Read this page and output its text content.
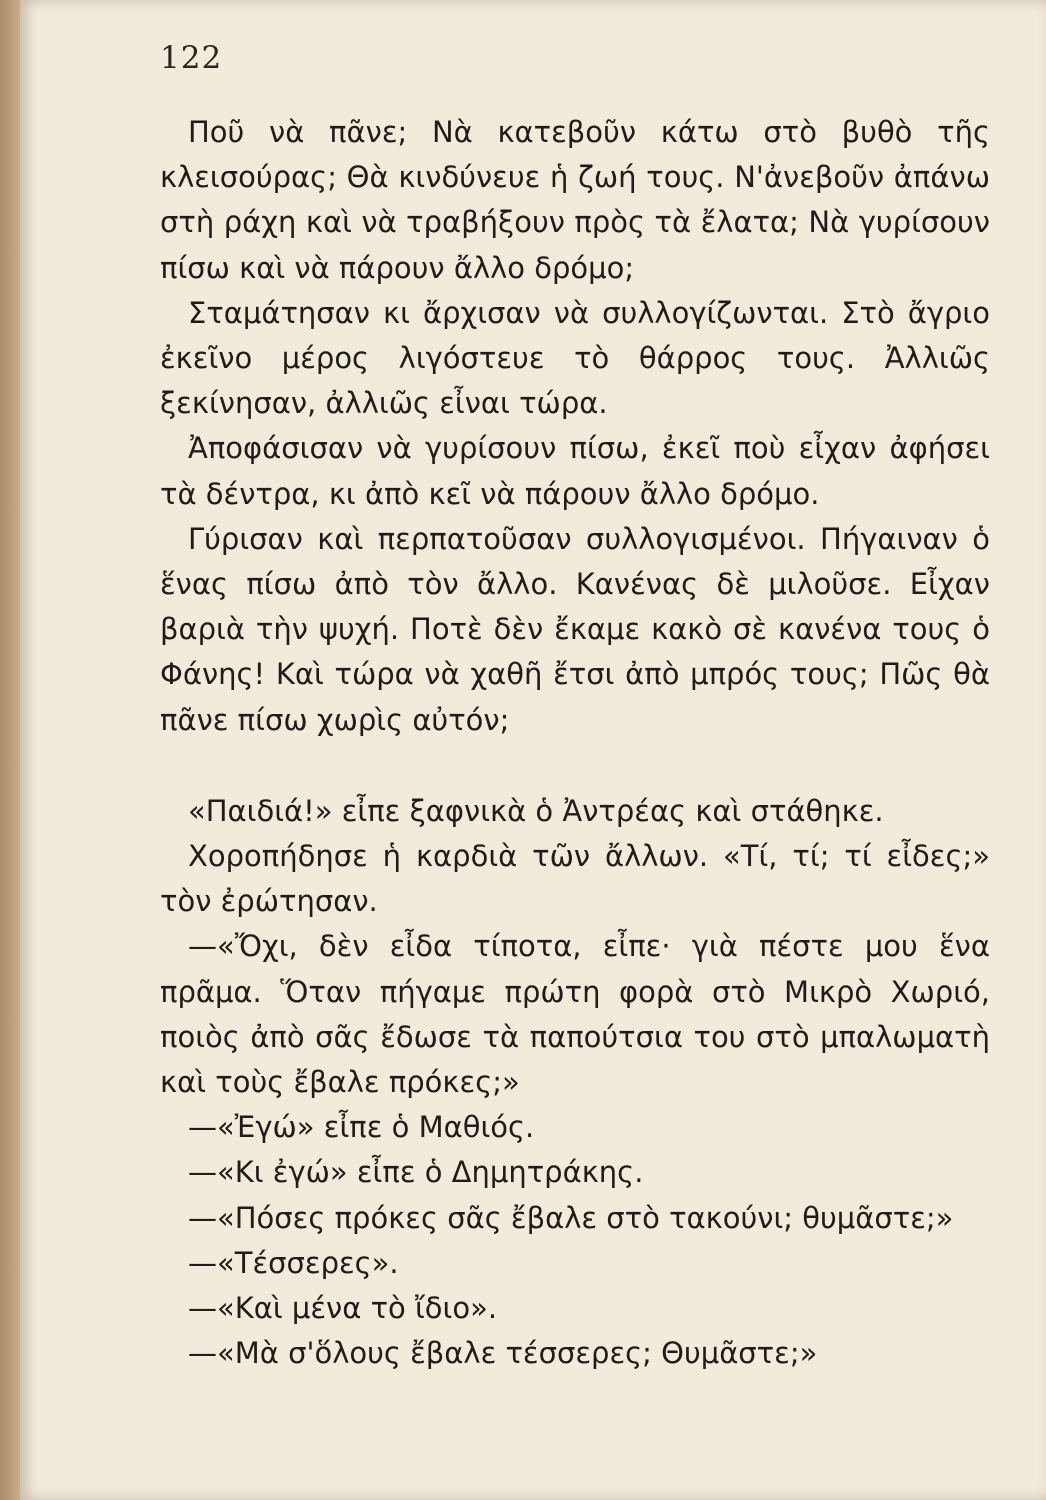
122
Ποῦ νὰ πᾶνε; Νὰ κατεβοῦν κάτω στὸ βυθὸ τῆς κλεισούρας; Θὰ κινδύνευε ἡ ζωή τους. Ν'ἀνεβοῦν ἀπάνω στὴ ράχη καὶ νὰ τραβήξουν πρὸς τὰ ἔλατα; Νὰ γυρίσουν πίσω καὶ νὰ πάρουν ἄλλο δρόμο;
Σταμάτησαν κι ἄρχισαν νὰ συλλογίζωνται. Στὸ ἄγριο ἐκεῖνο μέρος λιγόστευε τὸ θάρρος τους. Ἀλλιῶς ξεκίνησαν, ἀλλιῶς εἶναι τώρα.
Ἀποφάσισαν νὰ γυρίσουν πίσω, ἐκεῖ ποὺ εἶχαν ἀφήσει τὰ δέντρα, κι ἀπὸ κεῖ νὰ πάρουν ἄλλο δρόμο.
Γύρισαν καὶ περπατοῦσαν συλλογισμένοι. Πήγαιναν ὁ ἕνας πίσω ἀπὸ τὸν ἄλλο. Κανένας δὲ μιλοῦσε. Εἶχαν βαριὰ τὴν ψυχή. Ποτὲ δὲν ἔκαμε κακὸ σὲ κανένα τους ὁ Φάνης! Καὶ τώρα νὰ χαθῆ ἔτσι ἀπὸ μπρός τους; Πῶς θὰ πᾶνε πίσω χωρὶς αὐτόν;
«Παιδιά!» εἶπε ξαφνικὰ ὁ Ἀντρέας καὶ στάθηκε.
Χοροπήδησε ἡ καρδιὰ τῶν ἄλλων. «Τί, τί; τί εἶδες;» τὸν ἐρώτησαν.
—«Ὄχι, δὲν εἶδα τίποτα, εἶπε· γιὰ πέστε μου ἕνα πρᾶμα. Ὅταν πήγαμε πρώτη φορὰ στὸ Μικρὸ Χωριό, ποιὸς ἀπὸ σᾶς ἔδωσε τὰ παπούτσια του στὸ μπαλωματὴ καὶ τοὺς ἔβαλε πρόκες;»
—«Ἐγώ» εἶπε ὁ Μαθιός.
—«Κι ἐγώ» εἶπε ὁ Δημητράκης.
—«Πόσες πρόκες σᾶς ἔβαλε στὸ τακούνι; θυμᾶστε;»
—«Τέσσερες».
—«Καὶ μένα τὸ ἴδιο».
—«Μὰ σ'ὅλους ἔβαλε τέσσερες; Θυμᾶστε;»
